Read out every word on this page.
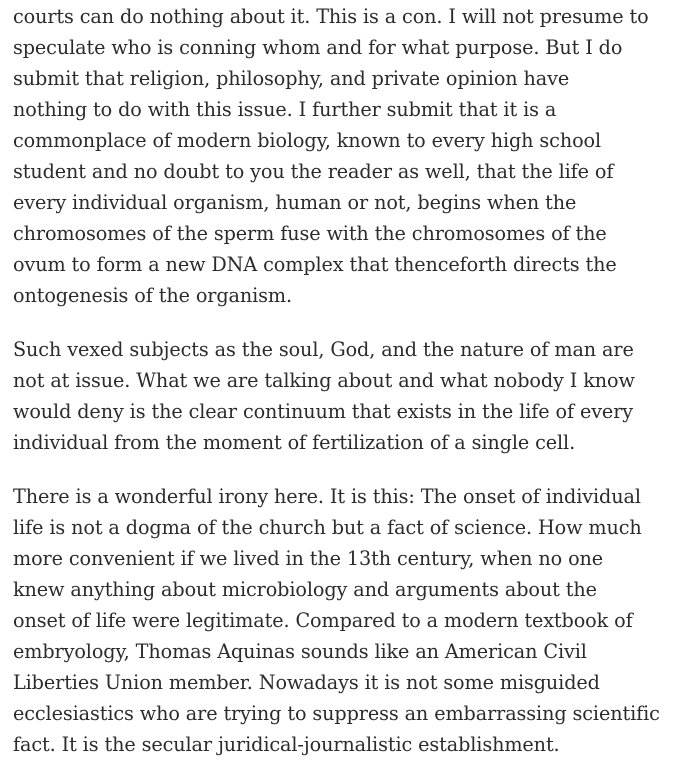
courts can do nothing about it. This is a con. I will not presume to
speculate who is conning whom and for what purpose. But I do
submit that religion, philosophy, and private opinion have
nothing to do with this issue. I further submit that it is a
commonplace of modern biology, known to every high school
student and no doubt to you the reader as well, that the life of
every individual organism, human or not, begins when the
chromosomes of the sperm fuse with the chromosomes of the
ovum to form a new DNA complex that thenceforth directs the
ontogenesis of the organism.

Such vexed subjects as the soul, God, and the nature of man are
not at issue. What we are talking about and what nobody I know
would deny is the clear continuum that exists in the life of every
individual from the moment of fertilization of a single cell.

There is a wonderful irony here. It is this: The onset of individual
life is not a dogma of the church but a fact of science. How much
more convenient if we lived in the 13th century, when no one
knew anything about microbiology and arguments about the
onset of life were legitimate. Compared to a modern textbook of
embryology, Thomas Aquinas sounds like an American Civil
Liberties Union member. Nowadays it is not some misguided
ecclesiastics who are trying to suppress an embarrassing scientific
fact. It is the secular juridical-journalistic establishment.
